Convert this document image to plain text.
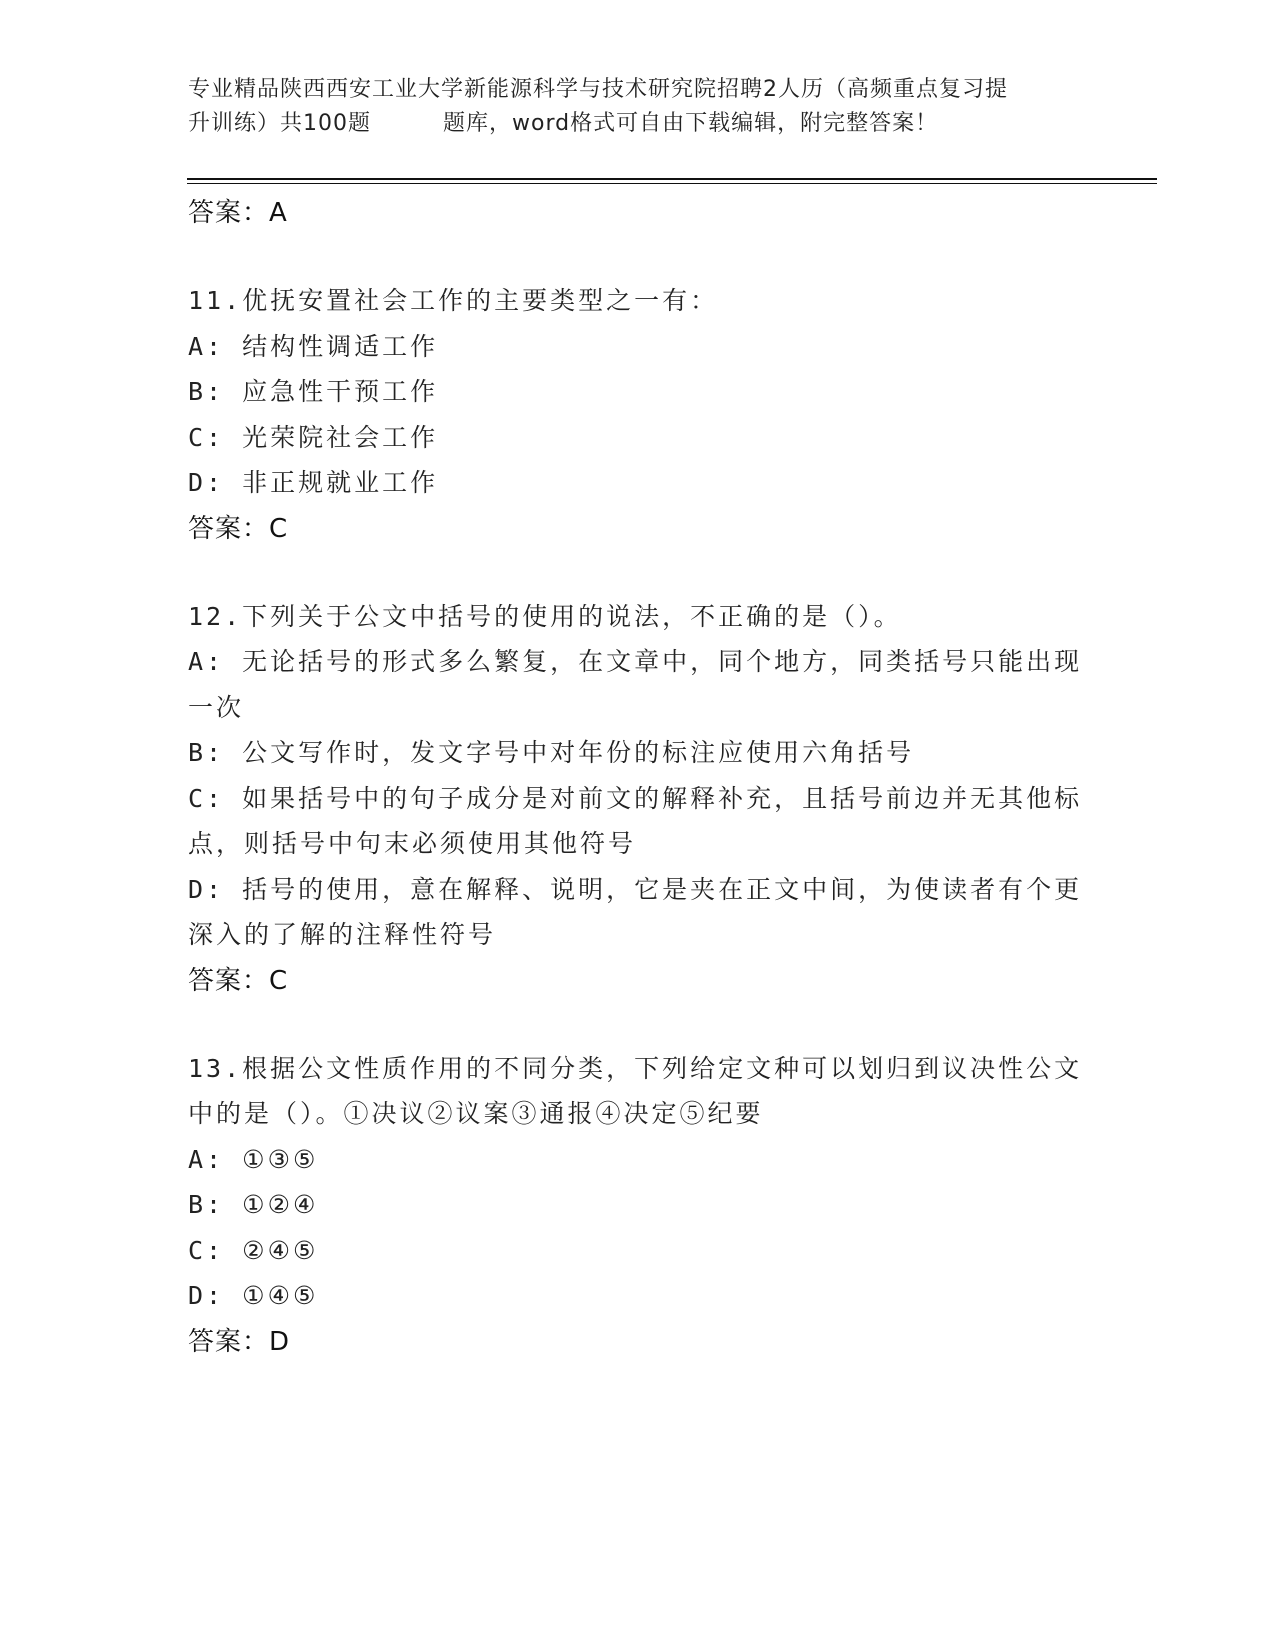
专业精品陕西西安工业大学新能源科学与技术研究院招聘2人历（高频重点复习提
升训练）共100题	题库，word格式可自由下载编辑，附完整答案！
答案：A
11.优抚安置社会工作的主要类型之一有：
A: 结构性调适工作
B: 应急性干预工作
C: 光荣院社会工作
D: 非正规就业工作
答案：C
12.下列关于公文中括号的使用的说法，不正确的是（）。
A: 无论括号的形式多么繁复，在文章中，同个地方，同类括号只能出现一次
B: 公文写作时，发文字号中对年份的标注应使用六角括号
C: 如果括号中的句子成分是对前文的解释补充，且括号前边并无其他标点，则括号中句末必须使用其他符号
D: 括号的使用，意在解释、说明，它是夹在正文中间，为使读者有个更深入的了解的注释性符号
答案：C
13.根据公文性质作用的不同分类，下列给定文种可以划归到议决性公文中的是（）。①决议②议案③通报④决定⑤纪要
A: ①③⑤
B: ①②④
C: ②④⑤
D: ①④⑤
答案：D
